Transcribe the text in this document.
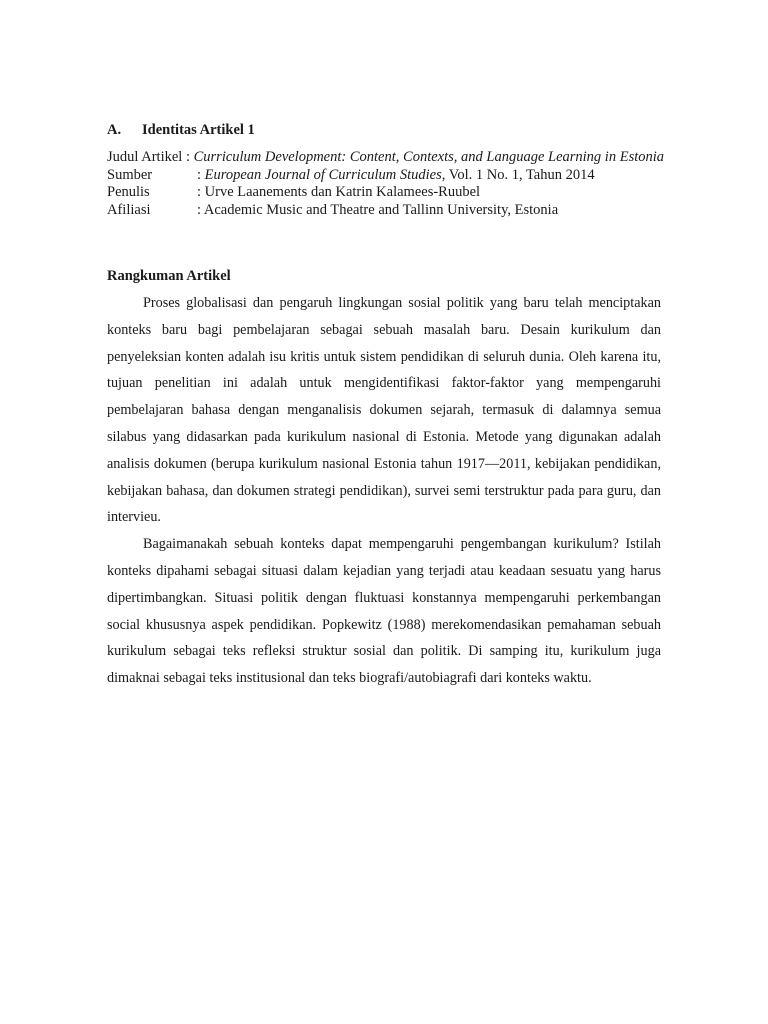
A. Identitas Artikel 1
Judul Artikel : Curriculum Development: Content, Contexts, and Language Learning in Estonia
Sumber	: European Journal of Curriculum Studies, Vol. 1 No. 1, Tahun 2014
Penulis	: Urve Laanements dan Katrin Kalamees-Ruubel
Afiliasi	: Academic Music and Theatre and Tallinn University, Estonia
Rangkuman Artikel

Proses globalisasi dan pengaruh lingkungan sosial politik yang baru telah menciptakan konteks baru bagi pembelajaran sebagai sebuah masalah baru. Desain kurikulum dan penyeleksian konten adalah isu kritis untuk sistem pendidikan di seluruh dunia. Oleh karena itu, tujuan penelitian ini adalah untuk mengidentifikasi faktor-faktor yang mempengaruhi pembelajaran bahasa dengan menganalisis dokumen sejarah, termasuk di dalamnya semua silabus yang didasarkan pada kurikulum nasional di Estonia. Metode yang digunakan adalah analisis dokumen (berupa kurikulum nasional Estonia tahun 1917—2011, kebijakan pendidikan, kebijakan bahasa, dan dokumen strategi pendidikan), survei semi terstruktur pada para guru, dan intervieu.

Bagaimanakah sebuah konteks dapat mempengaruhi pengembangan kurikulum? Istilah konteks dipahami sebagai situasi dalam kejadian yang terjadi atau keadaan sesuatu yang harus dipertimbangkan. Situasi politik dengan fluktuasi konstannya mempengaruhi perkembangan social khususnya aspek pendidikan. Popkewitz (1988) merekomendasikan pemahaman sebuah kurikulum sebagai teks refleksi struktur sosial dan politik. Di samping itu, kurikulum juga dimaknai sebagai teks institusional dan teks biografi/autobiagrafi dari konteks waktu.
